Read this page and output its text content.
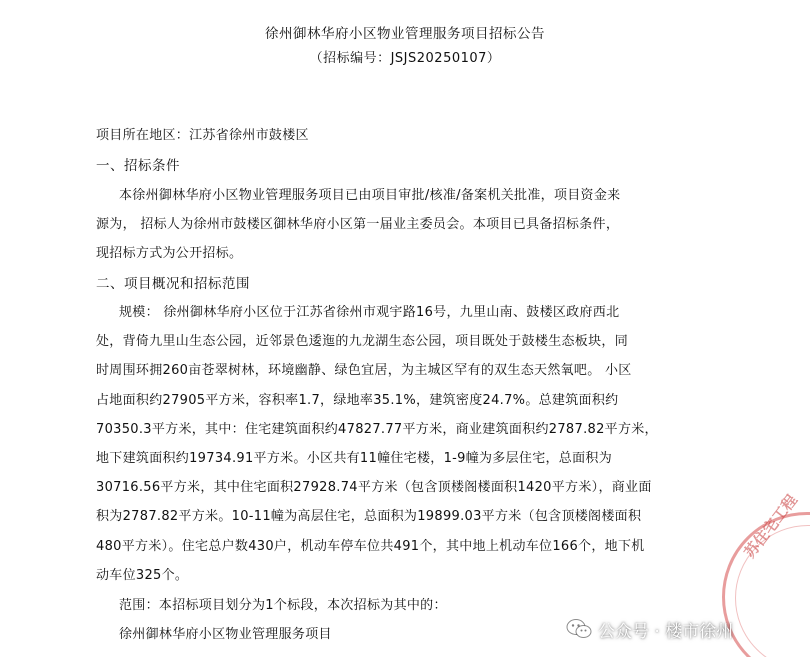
徐州御林华府小区物业管理服务项目招标公告
（招标编号：JSJS20250107）
项目所在地区：江苏省徐州市鼓楼区
一、招标条件
本徐州御林华府小区物业管理服务项目已由项目审批/核准/备案机关批准，项目资金来
源为， 招标人为徐州市鼓楼区御林华府小区第一届业主委员会。本项目已具备招标条件，
现招标方式为公开招标。
二、项目概况和招标范围
规模： 徐州御林华府小区位于江苏省徐州市观宇路16号，九里山南、鼓楼区政府西北
处，背倚九里山生态公园，近邻景色逶迤的九龙湖生态公园，项目既处于鼓楼生态板块，同
时周围环拥260亩苍翠树林，环境幽静、绿色宜居，为主城区罕有的双生态天然氧吧。 小区
占地面积约27905平方米，容积率1.7，绿地率35.1%，建筑密度24.7%。总建筑面积约
70350.3平方米，其中：住宅建筑面积约47827.77平方米，商业建筑面积约2787.82平方米，
地下建筑面积约19734.91平方米。小区共有11幢住宅楼，1-9幢为多层住宅，总面积为
30716.56平方米，其中住宅面积27928.74平方米（包含顶楼阁楼面积1420平方米），商业面
积为2787.82平方米。10-11幢为高层住宅，总面积为19899.03平方米（包含顶楼阁楼面积
480平方米）。住宅总户数430户，机动车停车位共491个，其中地上机动车位166个，地下机
动车位325个。
范围：本招标项目划分为1个标段，本次招标为其中的：
徐州御林华府小区物业管理服务项目
苏住宅工程
公众号 · 楼市徐州
